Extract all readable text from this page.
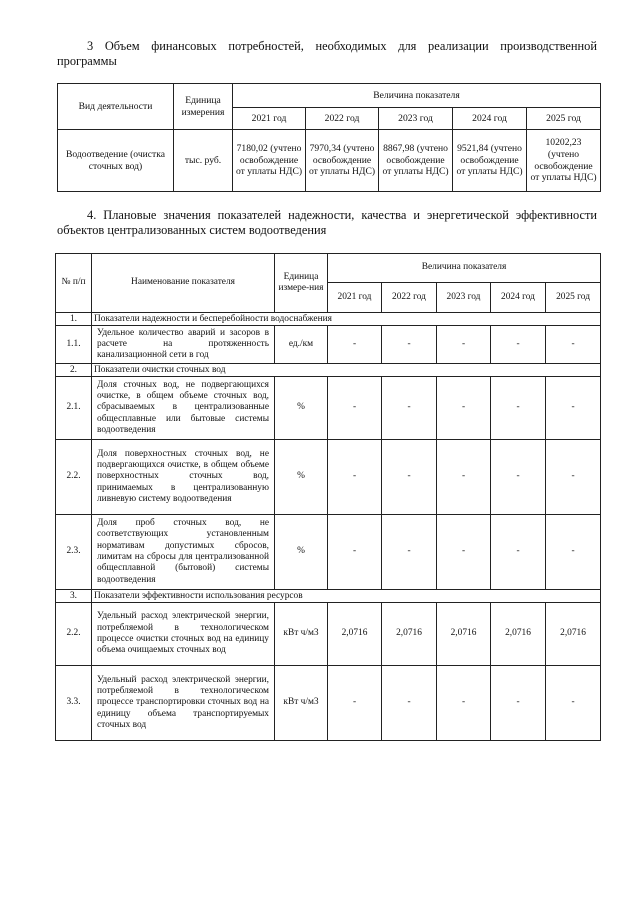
3 Объем финансовых потребностей, необходимых для реализации производственной программы
Вид деятельности	Единица измерения	Величина показателя				
		2021 год	2022 год	2023 год	2024 год	2025 год
Водоотведение (очистка сточных вод)	тыс. руб.	7180,02 (учтено освобождение от уплаты НДС)	7970,34 (учтено освобождение от уплаты НДС)	8867,98 (учтено освобождение от уплаты НДС)	9521,84 (учтено освобождение от уплаты НДС)	10202,23 (учтено освобождение от уплаты НДС)
4. Плановые значения показателей надежности, качества и энергетической эффективности объектов централизованных систем водоотведения
№ п/п	Наименование показателя	Единица измере-ния	Величина показателя				
			2021 год	2022 год	2023 год	2024 год	2025 год
1.	Показатели надежности и бесперебойности водоснабжения						
1.1.	Удельное количество аварий и засоров в расчете на протяженность канализационной сети в год	ед./км	-	-	-	-	-
2.	Показатели очистки сточных вод						
2.1.	Доля сточных вод, не подвергающихся очистке, в общем объеме сточных вод, сбрасываемых в централизованные общесплавные или бытовые системы водоотведения	%	-	-	-	-	-
2.2.	Доля поверхностных сточных вод, не подвергающихся очистке, в общем объеме поверхностных сточных вод, принимаемых в централизованную ливневую систему водоотведения	%	-	-	-	-	-
2.3.	Доля проб сточных вод, не соответствующих установленным нормативам допустимых сбросов, лимитам на сбросы для централизованной общесплавной (бытовой) системы водоотведения	%	-	-	-	-	-
3.	Показатели эффективности использования ресурсов						
2.2.	Удельный расход электрической энергии, потребляемой в технологическом процессе очистки сточных вод на единицу объема очищаемых сточных вод	кВт ч/м3	2,0716	2,0716	2,0716	2,0716	2,0716
3.3.	Удельный расход электрической энергии, потребляемой в технологическом процессе транспортировки сточных вод на единицу объема транспортируемых сточных вод	кВт ч/м3	-	-	-	-	-
